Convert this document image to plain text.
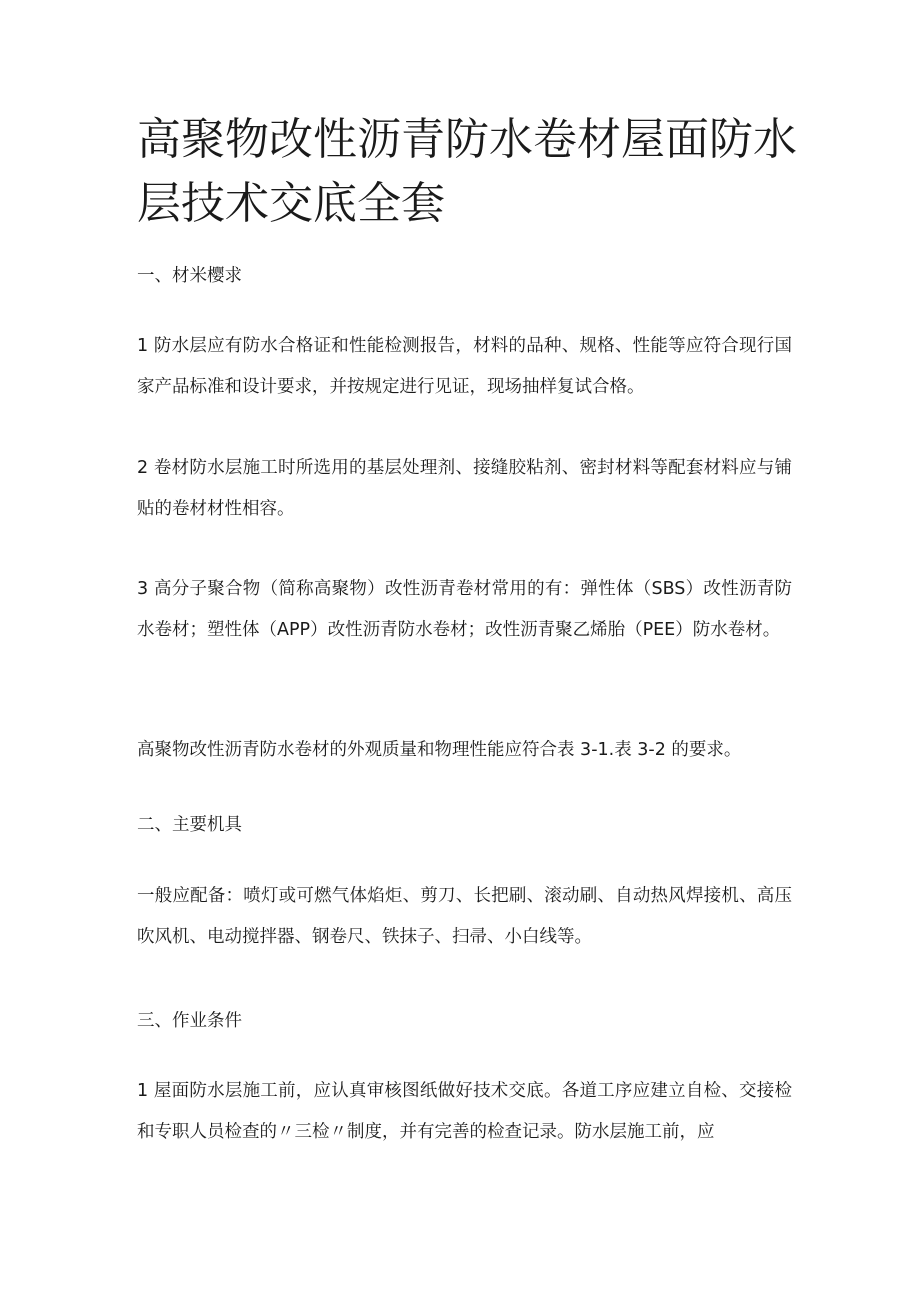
高聚物改性沥青防水卷材屋面防水层技术交底全套

一、材米樱求

1 防水层应有防水合格证和性能检测报告，材料的品种、规格、性能等应符合现行国家产品标准和设计要求，并按规定进行见证，现场抽样复试合格。

2 卷材防水层施工时所选用的基层处理剂、接缝胶粘剂、密封材料等配套材料应与铺贴的卷材材性相容。

3 高分子聚合物（简称高聚物）改性沥青卷材常用的有：弹性体（SBS）改性沥青防水卷材；塑性体（APP）改性沥青防水卷材；改性沥青聚乙烯胎（PEE）防水卷材。

高聚物改性沥青防水卷材的外观质量和物理性能应符合表 3-1.表 3-2 的要求。

二、主要机具

一般应配备：喷灯或可燃气体焰炬、剪刀、长把刷、滚动刷、自动热风焊接机、高压吹风机、电动搅拌器、钢卷尺、铁抹子、扫帚、小白线等。

三、作业条件

1 屋面防水层施工前，应认真审核图纸做好技术交底。各道工序应建立自检、交接检和专职人员检查的〃三检〃制度，并有完善的检查记录。防水层施工前，应
